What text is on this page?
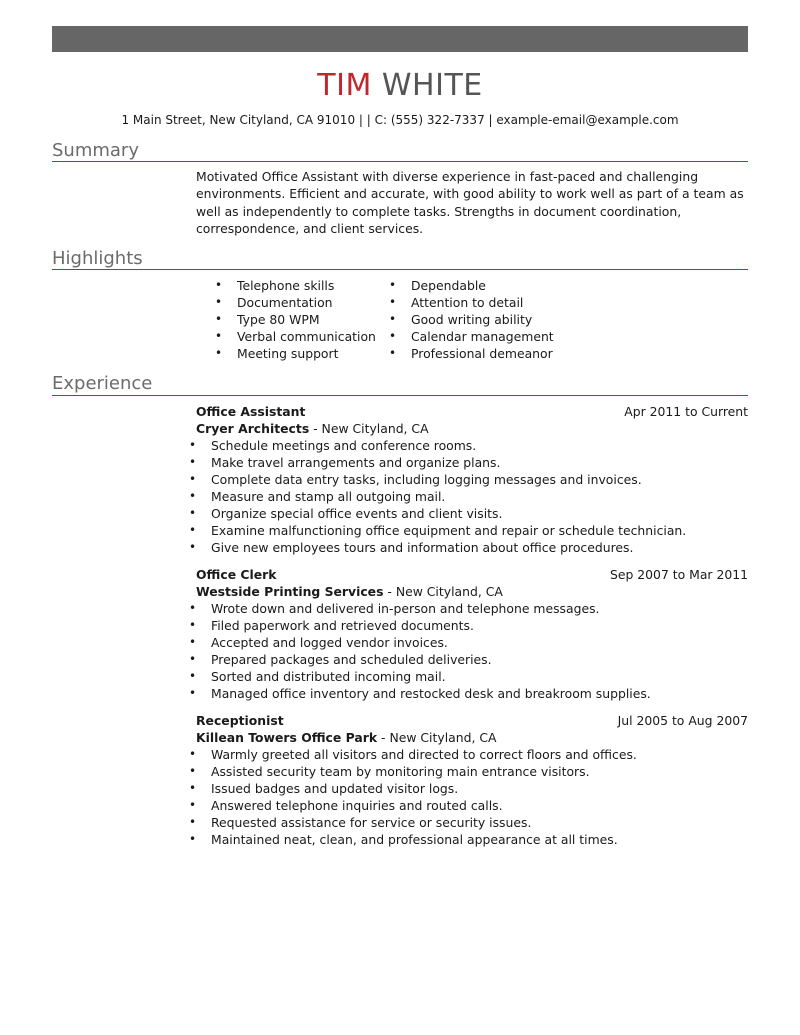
TIM WHITE
1 Main Street, New Cityland, CA 91010 | | C: (555) 322-7337 | example-email@example.com
Summary
Motivated Office Assistant with diverse experience in fast-paced and challenging environments. Efficient and accurate, with good ability to work well as part of a team as well as independently to complete tasks. Strengths in document coordination, correspondence, and client services.
Highlights
• Telephone skills
• Documentation
• Type 80 WPM
• Verbal communication
• Meeting support
• Dependable
• Attention to detail
• Good writing ability
• Calendar management
• Professional demeanor
Experience
Office Assistant	Apr 2011 to Current
Cryer Architects - New Cityland, CA
• Schedule meetings and conference rooms.
• Make travel arrangements and organize plans.
• Complete data entry tasks, including logging messages and invoices.
• Measure and stamp all outgoing mail.
• Organize special office events and client visits.
• Examine malfunctioning office equipment and repair or schedule technician.
• Give new employees tours and information about office procedures.
Office Clerk	Sep 2007 to Mar 2011
Westside Printing Services - New Cityland, CA
• Wrote down and delivered in-person and telephone messages.
• Filed paperwork and retrieved documents.
• Accepted and logged vendor invoices.
• Prepared packages and scheduled deliveries.
• Sorted and distributed incoming mail.
• Managed office inventory and restocked desk and breakroom supplies.
Receptionist	Jul 2005 to Aug 2007
Killean Towers Office Park - New Cityland, CA
• Warmly greeted all visitors and directed to correct floors and offices.
• Assisted security team by monitoring main entrance visitors.
• Issued badges and updated visitor logs.
• Answered telephone inquiries and routed calls.
• Requested assistance for service or security issues.
• Maintained neat, clean, and professional appearance at all times.
